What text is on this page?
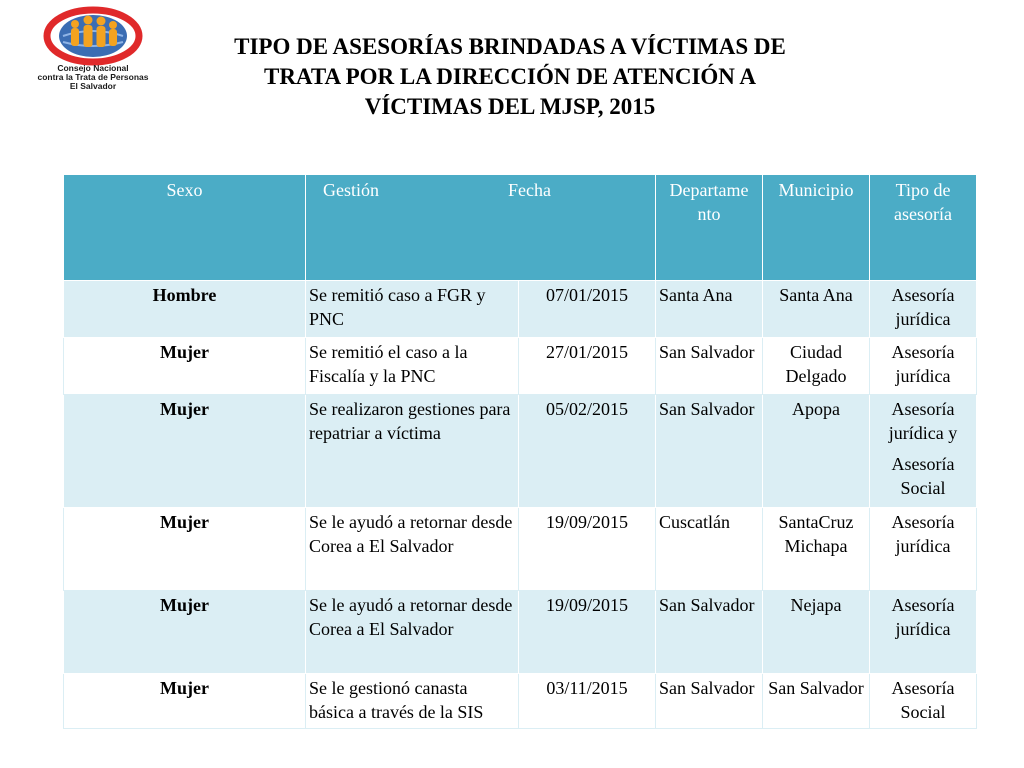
Consejo Nacional
contra la Trata de Personas
El Salvador
TIPO DE ASESORÍAS BRINDADAS A VÍCTIMAS DE
TRATA POR LA DIRECCIÓN DE ATENCIÓN A
VÍCTIMAS DEL MJSP, 2015
Sexo	Gestión Fecha		Departame nto	Municipio	Tipo de asesoría
Hombre	Se remitió caso a FGR y PNC	07/01/2015	Santa Ana	Santa Ana	Asesoría jurídica
Mujer	Se remitió el caso a la Fiscalía y la PNC	27/01/2015	San Salvador	Ciudad Delgado	Asesoría jurídica
Mujer	Se realizaron gestiones para repatriar a víctima	05/02/2015	San Salvador	Apopa	Asesoría jurídica y
Asesoría Social

Mujer	Se le ayudó a retornar desde Corea a El Salvador	19/09/2015	Cuscatlán	SantaCruz Michapa	Asesoría jurídica
Mujer	Se le ayudó a retornar desde Corea a El Salvador	19/09/2015	San Salvador	Nejapa	Asesoría jurídica
Mujer	Se le gestionó canasta básica a través de la SIS	03/11/2015	San Salvador	San Salvador	Asesoría Social
